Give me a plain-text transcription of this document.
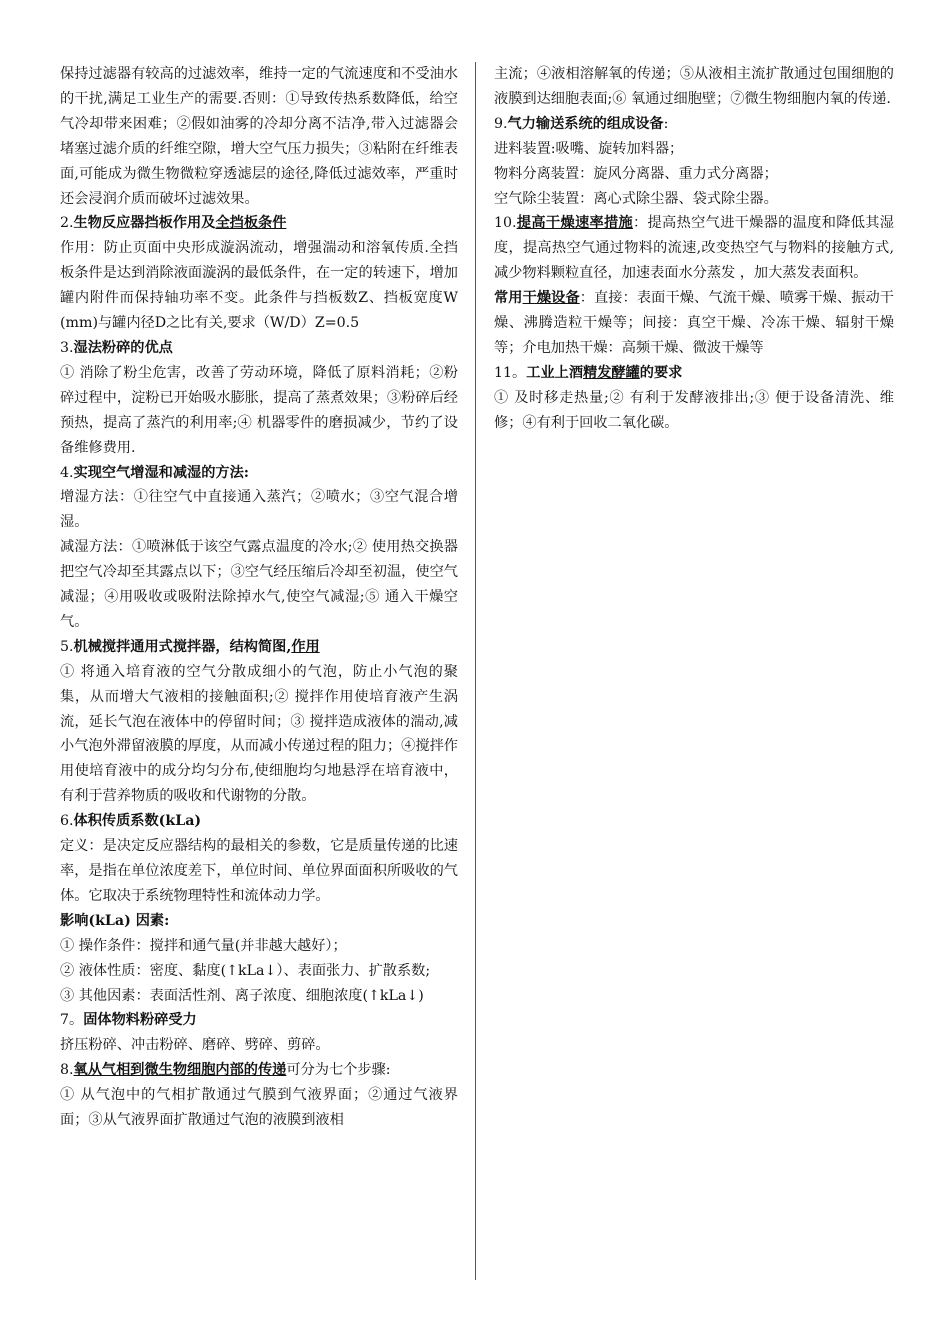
保持过滤器有较高的过滤效率，维持一定的气流速度和不受油水的干扰,满足工业生产的需要.否则：①导致传热系数降低，给空气冷却带来困难；②假如油雾的冷却分离不洁净,带入过滤器会堵塞过滤介质的纤维空隙，增大空气压力损失；③粘附在纤维表面,可能成为微生物微粒穿透滤层的途径,降低过滤效率，严重时还会浸润介质而破坏过滤效果。

2.生物反应器挡板作用及全挡板条件

作用：防止页面中央形成漩涡流动，增强湍动和溶氧传质.全挡板条件是达到消除液面漩涡的最低条件，在一定的转速下，增加罐内附件而保持轴功率不变。此条件与挡板数Z、挡板宽度W(mm)与罐内径D之比有关,要求（W/D）Z=0.5

3.湿法粉碎的优点

① 消除了粉尘危害，改善了劳动环境，降低了原料消耗；②粉碎过程中，淀粉已开始吸水膨胀，提高了蒸煮效果；③粉碎后经预热，提高了蒸汽的利用率;④ 机器零件的磨损减少，节约了设备维修费用.

4.实现空气增湿和减湿的方法:

增湿方法：①往空气中直接通入蒸汽；②喷水；③空气混合增湿。

减湿方法：①喷淋低于该空气露点温度的冷水;② 使用热交换器把空气冷却至其露点以下；③空气经压缩后冷却至初温，使空气减湿；④用吸收或吸附法除掉水气,使空气减湿;⑤ 通入干燥空气。

5.机械搅拌通用式搅拌器，结构简图,作用

① 将通入培育液的空气分散成细小的气泡，防止小气泡的聚集，从而增大气液相的接触面积;② 搅拌作用使培育液产生涡流，延长气泡在液体中的停留时间；③ 搅拌造成液体的湍动,减小气泡外滞留液膜的厚度，从而减小传递过程的阻力；④搅拌作用使培育液中的成分均匀分布,使细胞均匀地悬浮在培育液中，有利于营养物质的吸收和代谢物的分散。

6.体积传质系数(kLa)

定义：是决定反应器结构的最相关的参数，它是质量传递的比速率，是指在单位浓度差下，单位时间、单位界面面积所吸收的气体。它取决于系统物理特性和流体动力学。

影响(kLa) 因素:

① 操作条件：搅拌和通气量(并非越大越好）；

② 液体性质：密度、黏度(↑kLa↓）、表面张力、扩散系数;

③ 其他因素：表面活性剂、离子浓度、细胞浓度(↑kLa↓)

7。固体物料粉碎受力

挤压粉碎、冲击粉碎、磨碎、劈碎、剪碎。

8.氧从气相到微生物细胞内部的传递可分为七个步骤:

① 从气泡中的气相扩散通过气膜到气液界面；②通过气液界面；③从气液界面扩散通过气泡的液膜到液相

主流；④液相溶解氧的传递；⑤从液相主流扩散通过包围细胞的液膜到达细胞表面;⑥ 氧通过细胞壁；⑦微生物细胞内氧的传递.

9.气力输送系统的组成设备:

进料装置:吸嘴、旋转加料器；

物料分离装置：旋风分离器、重力式分离器；

空气除尘装置：离心式除尘器、袋式除尘器。

10.提高干燥速率措施：提高热空气进干燥器的温度和降低其湿度，提高热空气通过物料的流速,改变热空气与物料的接触方式,减少物料颗粒直径，加速表面水分蒸发 ，加大蒸发表面积。

常用干燥设备：直接：表面干燥、气流干燥、喷雾干燥、振动干燥、沸腾造粒干燥等；间接：真空干燥、冷冻干燥、辐射干燥等；介电加热干燥：高频干燥、微波干燥等

11。工业上酒精发酵罐的要求

① 及时移走热量;② 有利于发酵液排出;③ 便于设备清洗、维修；④有利于回收二氧化碳。
